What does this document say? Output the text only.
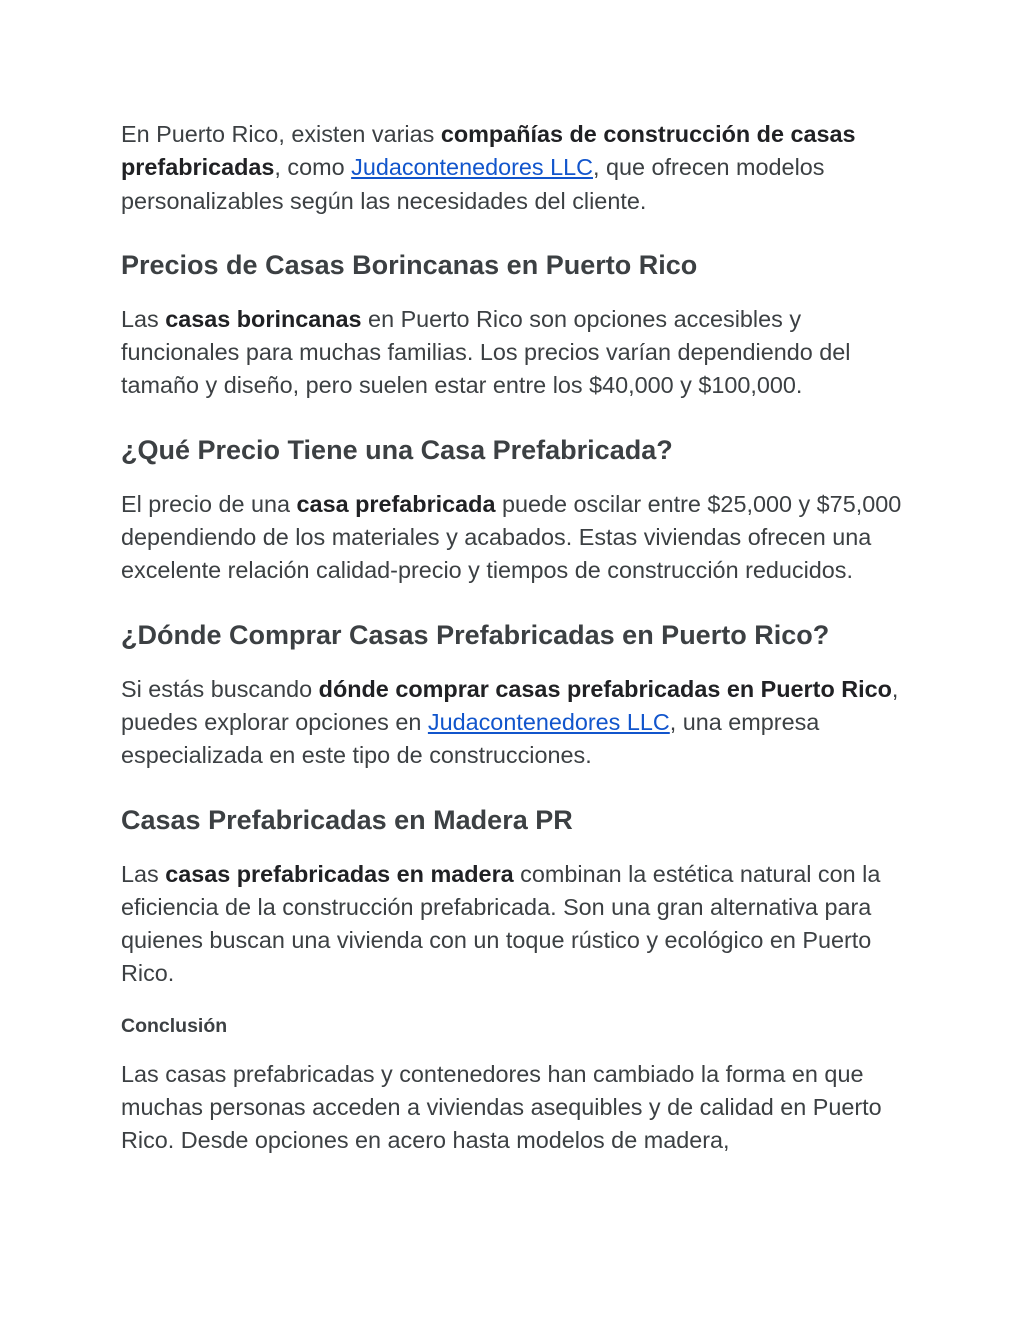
En Puerto Rico, existen varias compañías de construcción de casas prefabricadas, como Judacontenedores LLC, que ofrecen modelos personalizables según las necesidades del cliente.

Precios de Casas Borincanas en Puerto Rico

Las casas borincanas en Puerto Rico son opciones accesibles y funcionales para muchas familias. Los precios varían dependiendo del tamaño y diseño, pero suelen estar entre los $40,000 y $100,000.

¿Qué Precio Tiene una Casa Prefabricada?

El precio de una casa prefabricada puede oscilar entre $25,000 y $75,000 dependiendo de los materiales y acabados. Estas viviendas ofrecen una excelente relación calidad-precio y tiempos de construcción reducidos.

¿Dónde Comprar Casas Prefabricadas en Puerto Rico?

Si estás buscando dónde comprar casas prefabricadas en Puerto Rico, puedes explorar opciones en Judacontenedores LLC, una empresa especializada en este tipo de construcciones.

Casas Prefabricadas en Madera PR

Las casas prefabricadas en madera combinan la estética natural con la eficiencia de la construcción prefabricada. Son una gran alternativa para quienes buscan una vivienda con un toque rústico y ecológico en Puerto Rico.

Conclusión

Las casas prefabricadas y contenedores han cambiado la forma en que muchas personas acceden a viviendas asequibles y de calidad en Puerto Rico. Desde opciones en acero hasta modelos de madera,
